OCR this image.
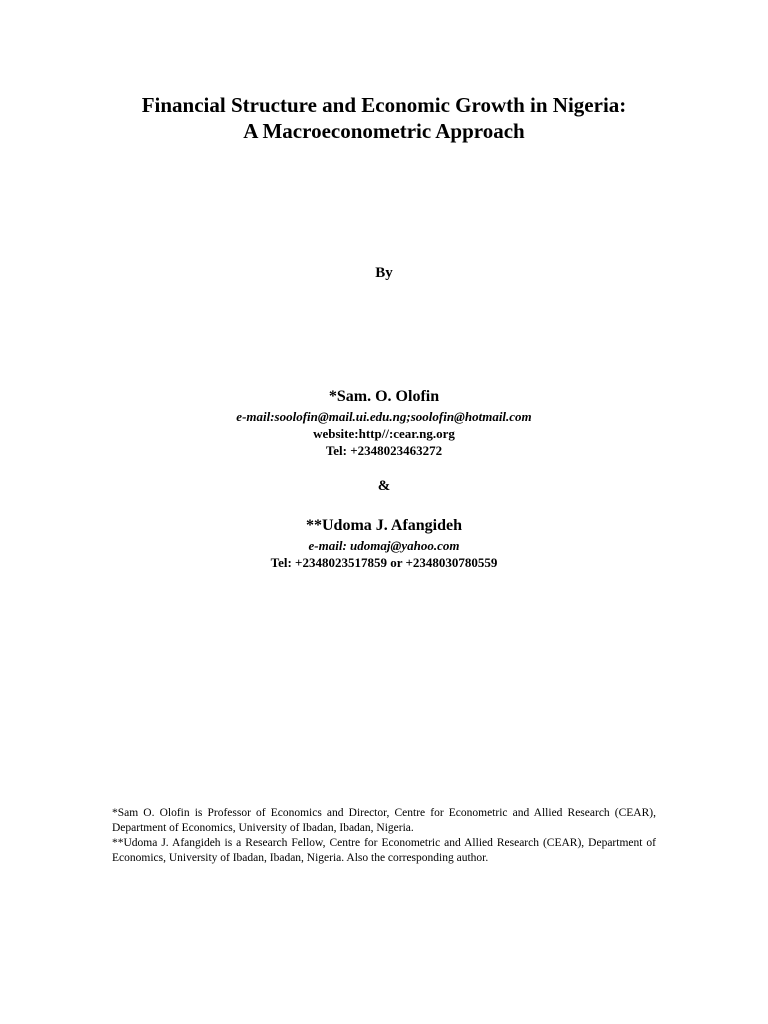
Financial Structure and Economic Growth in Nigeria:
A Macroeconometric Approach
By
*Sam. O. Olofin
e-mail:soolofin@mail.ui.edu.ng;soolofin@hotmail.com
website:http//:cear.ng.org
Tel: +2348023463272
&
**Udoma J. Afangideh
e-mail: udomaj@yahoo.com
Tel: +2348023517859 or +2348030780559

*Sam O. Olofin is Professor of Economics and Director, Centre for Econometric and Allied Research (CEAR), Department of Economics, University of Ibadan, Ibadan, Nigeria.

**Udoma J. Afangideh is a Research Fellow, Centre for Econometric and Allied Research (CEAR), Department of Economics, University of Ibadan, Ibadan, Nigeria. Also the corresponding author.
